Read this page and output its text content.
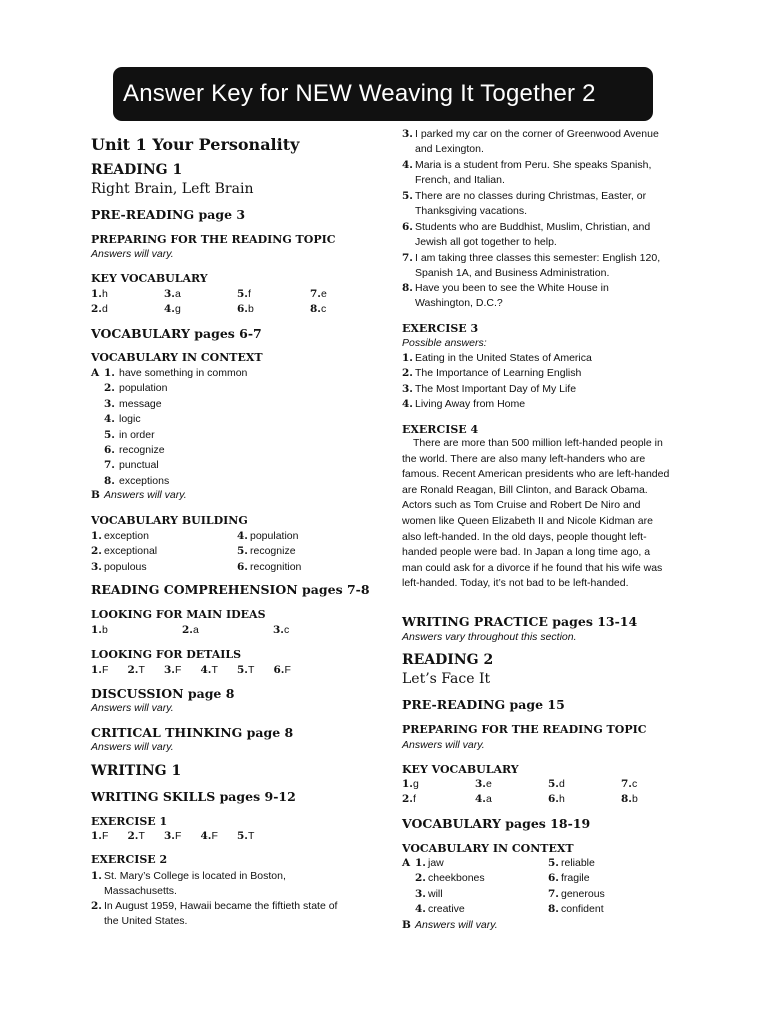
Answer Key for NEW Weaving It Together 2
Unit 1 Your Personality
READING 1
Right Brain, Left Brain
PRE-READING page 3
PREPARING FOR THE READING TOPIC
Answers will vary.
KEY VOCABULARY
1. h	3. a	5. f	7. e
2. d	4. g	6. b	8. c
VOCABULARY pages 6-7
VOCABULARY IN CONTEXT
A 1. have something in common
2. population
3. message
4. logic
5. in order
6. recognize
7. punctual
8. exceptions
B Answers will vary.
VOCABULARY BUILDING
1. exception	4. population
2. exceptional	5. recognize
3. populous	6. recognition
READING COMPREHENSION pages 7-8
LOOKING FOR MAIN IDEAS
1. b	2. a	3. c
LOOKING FOR DETAILS
1. F 2. T 3. F 4. T 5. T 6. F
DISCUSSION page 8
Answers will vary.
CRITICAL THINKING page 8
Answers will vary.
WRITING 1
WRITING SKILLS pages 9-12
EXERCISE 1
1. F 2. T 3. F 4. F 5. T
EXERCISE 2
1. St. Mary’s College is located in Boston,
Massachusetts.
2. In August 1959, Hawaii became the fiftieth state of
the United States.
3. I parked my car on the corner of Greenwood Avenue
and Lexington.
4. Maria is a student from Peru. She speaks Spanish,
French, and Italian.
5. There are no classes during Christmas, Easter, or
Thanksgiving vacations.
6. Students who are Buddhist, Muslim, Christian, and
Jewish all got together to help.
7. I am taking three classes this semester: English 120,
Spanish 1A, and Business Administration.
8. Have you been to see the White House in
Washington, D.C.?
EXERCISE 3
Possible answers:
1. Eating in the United States of America
2. The Importance of Learning English
3. The Most Important Day of My Life
4. Living Away from Home
EXERCISE 4
There are more than 500 million left-handed people in the world. There are also many left-handers who are famous. Recent American presidents who are left-handed are Ronald Reagan, Bill Clinton, and Barack Obama. Actors such as Tom Cruise and Robert De Niro and women like Queen Elizabeth II and Nicole Kidman are also left-handed. In the old days, people thought left-handed people were bad. In Japan a long time ago, a man could ask for a divorce if he found that his wife was left-handed. Today, it’s not bad to be left-handed.
WRITING PRACTICE pages 13-14
Answers vary throughout this section.
READING 2
Let’s Face It
PRE-READING page 15
PREPARING FOR THE READING TOPIC
Answers will vary.
KEY VOCABULARY
1. g	3. e	5. d	7. c
2. f	4. a	6. h	8. b
VOCABULARY pages 18-19
VOCABULARY IN CONTEXT
A 1. jaw	5. reliable
2. cheekbones	6. fragile
3. will	7. generous
4. creative	8. confident
B Answers will vary.
